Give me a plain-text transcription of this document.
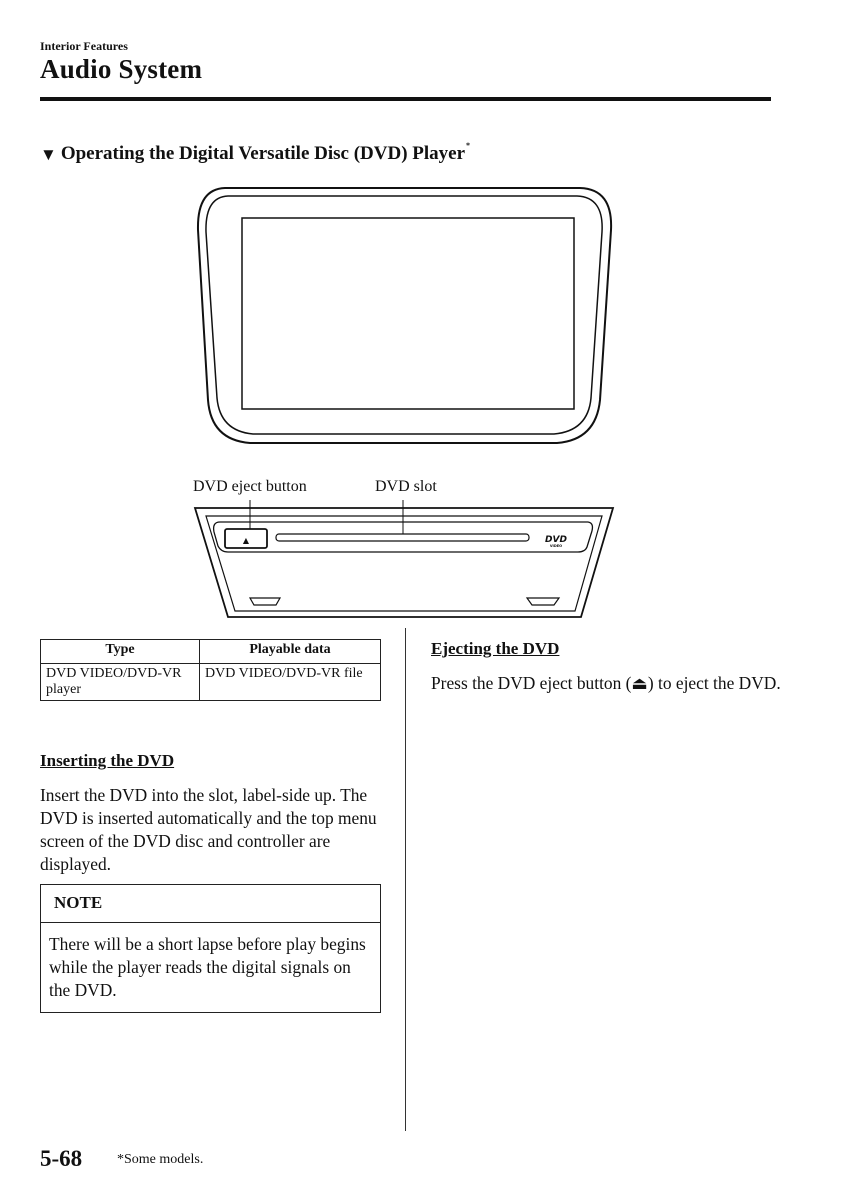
Interior Features
Audio System
▼ Operating the Digital Versatile Disc (DVD) Player*
DVD eject button	DVD slot
▲	DVD
VIDEO
Type	Playable data
DVD VIDEO/DVD-VR player	DVD VIDEO/DVD-VR file
Inserting the DVD
Insert the DVD into the slot, label-side up. The DVD is inserted automatically and the top menu screen of the DVD disc and controller are displayed.
NOTE
There will be a short lapse before play begins while the player reads the digital signals on the DVD.
Ejecting the DVD
Press the DVD eject button (⏏) to eject the DVD.
5-68 *Some models.
